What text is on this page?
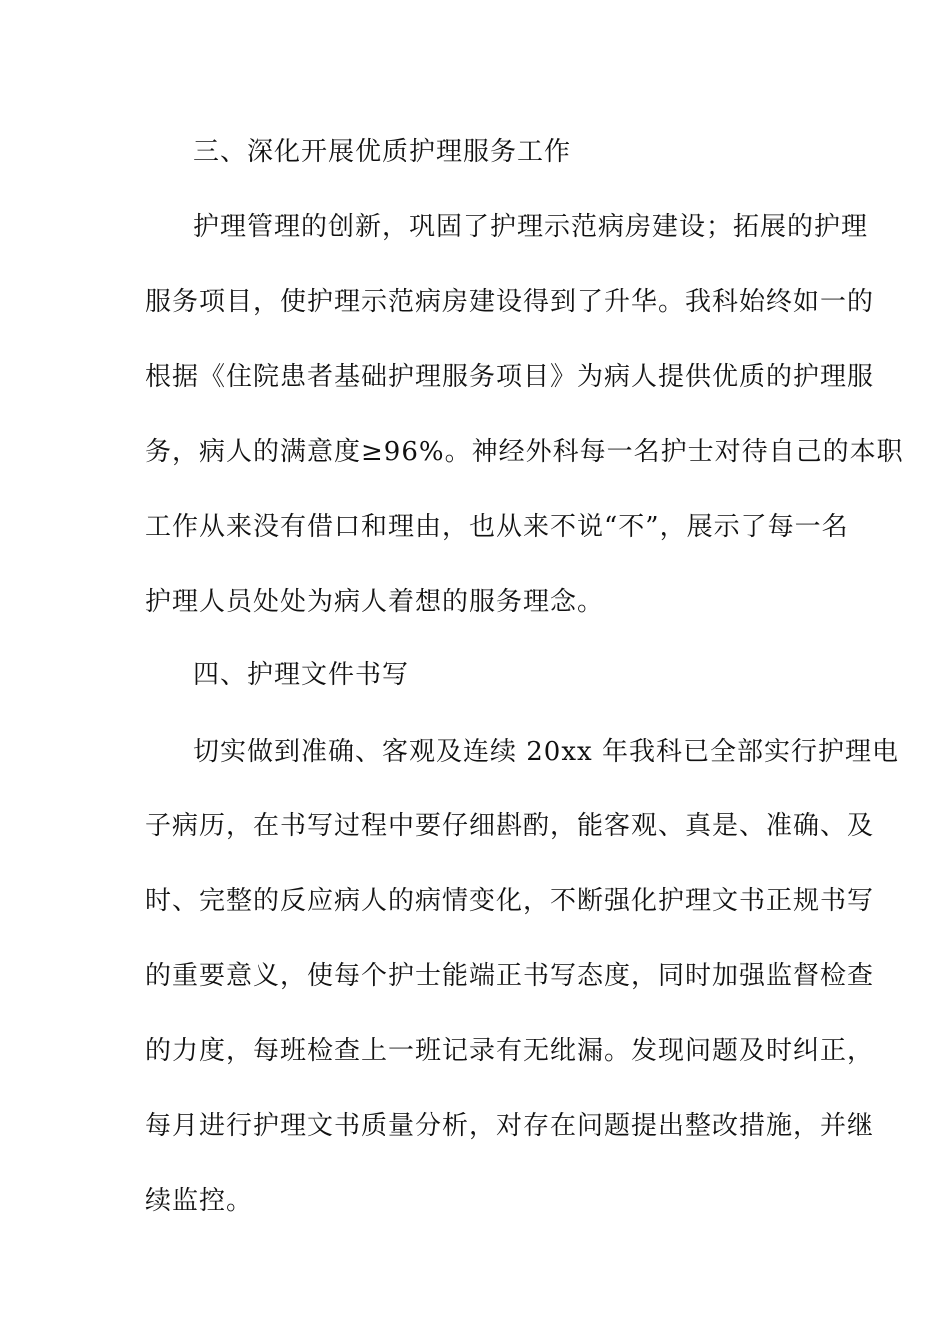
三、深化开展优质护理服务工作
护理管理的创新，巩固了护理示范病房建设；拓展的护理
服务项目，使护理示范病房建设得到了升华。我科始终如一的
根据《住院患者基础护理服务项目》为病人提供优质的护理服
务，病人的满意度≥96%。神经外科每一名护士对待自己的本职
工作从来没有借口和理由，也从来不说“不”，展示了每一名
护理人员处处为病人着想的服务理念。
四、护理文件书写
切实做到准确、客观及连续 20xx 年我科已全部实行护理电
子病历，在书写过程中要仔细斟酌，能客观、真是、准确、及
时、完整的反应病人的病情变化，不断强化护理文书正规书写
的重要意义，使每个护士能端正书写态度，同时加强监督检查
的力度，每班检查上一班记录有无纰漏。发现问题及时纠正，
每月进行护理文书质量分析，对存在问题提出整改措施，并继
续监控。
